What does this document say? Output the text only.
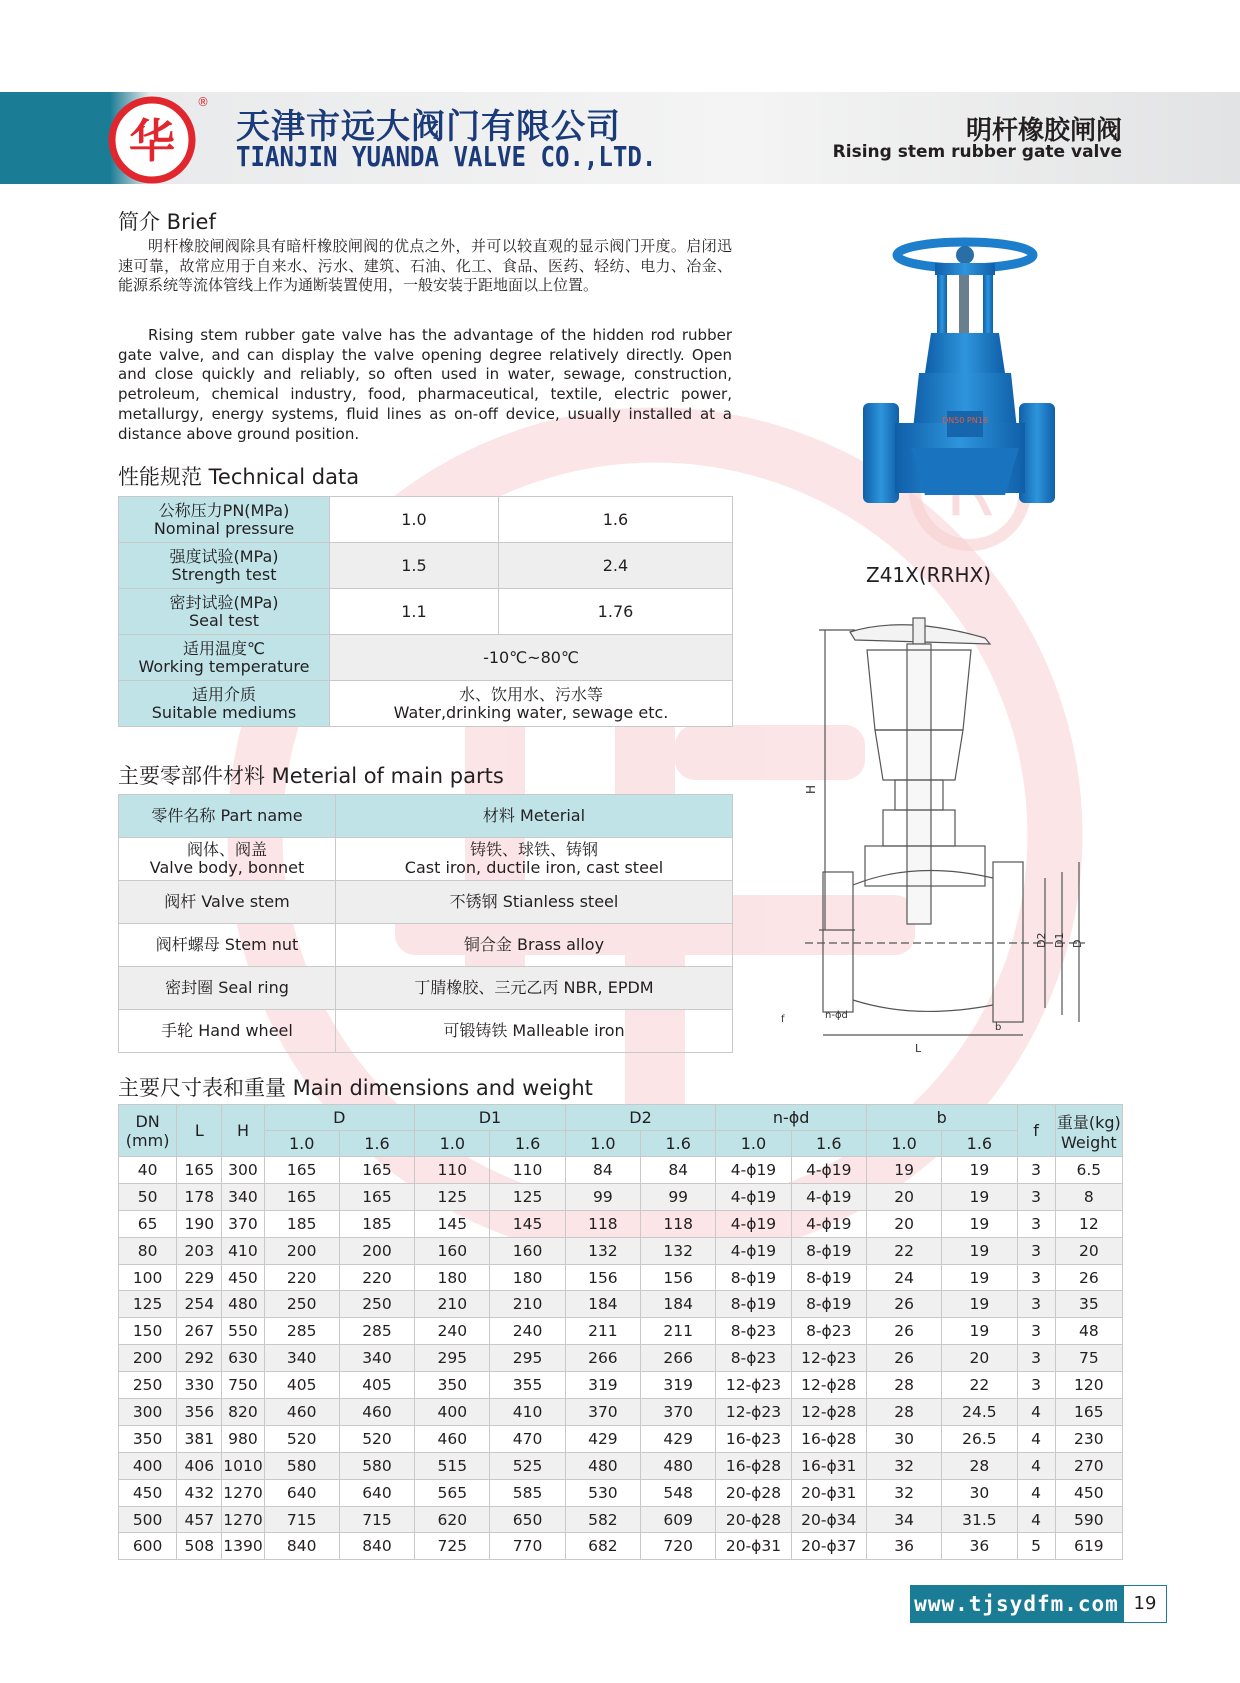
华
®
天津市远大阀门有限公司
TIANJIN YUANDA VALVE CO.,LTD.
明杆橡胶闸阀
Rising stem rubber gate valve
简介 Brief
明杆橡胶闸阀除具有暗杆橡胶闸阀的优点之外，并可以较直观的显示阀门开度。启闭迅速可靠，故常应用于自来水、污水、建筑、石油、化工、食品、医药、轻纺、电力、冶金、能源系统等流体管线上作为通断装置使用，一般安装于距地面以上位置。
Rising stem rubber gate valve has the advantage of the hidden rod rubber gate valve, and can display the valve opening degree relatively directly. Open and close quickly and reliably, so often used in water, sewage, construction, petroleum, chemical industry, food, pharmaceutical, textile, electric power, metallurgy, energy systems, fluid lines as on-off device, usually installed at a distance above ground position.
性能规范 Technical data
公称压力PN(MPa)
Nominal pressure	1.0	1.6
强度试验(MPa)
Strength test	1.5	2.4
密封试验(MPa)
Seal test	1.1	1.76
适用温度℃
Working temperature	-10℃~80℃	
适用介质
Suitable mediums	水、饮用水、污水等
Water,drinking water, sewage etc.	
主要零部件材料 Meterial of main parts
零件名称 Part name	材料 Meterial
阀体、阀盖
Valve body, bonnet	铸铁、球铁、铸钢
Cast iron, ductile iron, cast steel
阀杆 Valve stem	不锈钢 Stianless steel
阀杆螺母 Stem nut	铜合金 Brass alloy
密封圈 Seal ring	丁腈橡胶、三元乙丙 NBR, EPDM
手轮 Hand wheel	可锻铸铁 Malleable iron
DN50 PN16
Z41X(RRHX)
H
D2 D1 D
f	n-ϕd
b
L
主要尺寸表和重量 Main dimensions and weight
DN
(mm)	L	H	D		D1		D2		n-ϕd		b		f	重量(kg)
Weight
			1.0	1.6	1.0	1.6	1.0	1.6	1.0	1.6	1.0	1.6		
40	165	300	165	165	110	110	84	84	4-ϕ19	4-ϕ19	19	19	3	6.5
50	178	340	165	165	125	125	99	99	4-ϕ19	4-ϕ19	20	19	3	8
65	190	370	185	185	145	145	118	118	4-ϕ19	4-ϕ19	20	19	3	12
80	203	410	200	200	160	160	132	132	4-ϕ19	8-ϕ19	22	19	3	20
100	229	450	220	220	180	180	156	156	8-ϕ19	8-ϕ19	24	19	3	26
125	254	480	250	250	210	210	184	184	8-ϕ19	8-ϕ19	26	19	3	35
150	267	550	285	285	240	240	211	211	8-ϕ23	8-ϕ23	26	19	3	48
200	292	630	340	340	295	295	266	266	8-ϕ23	12-ϕ23	26	20	3	75
250	330	750	405	405	350	355	319	319	12-ϕ23	12-ϕ28	28	22	3	120
300	356	820	460	460	400	410	370	370	12-ϕ23	12-ϕ28	28	24.5	4	165
350	381	980	520	520	460	470	429	429	16-ϕ23	16-ϕ28	30	26.5	4	230
400	406	1010	580	580	515	525	480	480	16-ϕ28	16-ϕ31	32	28	4	270
450	432	1270	640	640	565	585	530	548	20-ϕ28	20-ϕ31	32	30	4	450
500	457	1270	715	715	620	650	582	609	20-ϕ28	20-ϕ34	34	31.5	4	590
600	508	1390	840	840	725	770	682	720	20-ϕ31	20-ϕ37	36	36	5	619
www.tjsydfm.com 19
